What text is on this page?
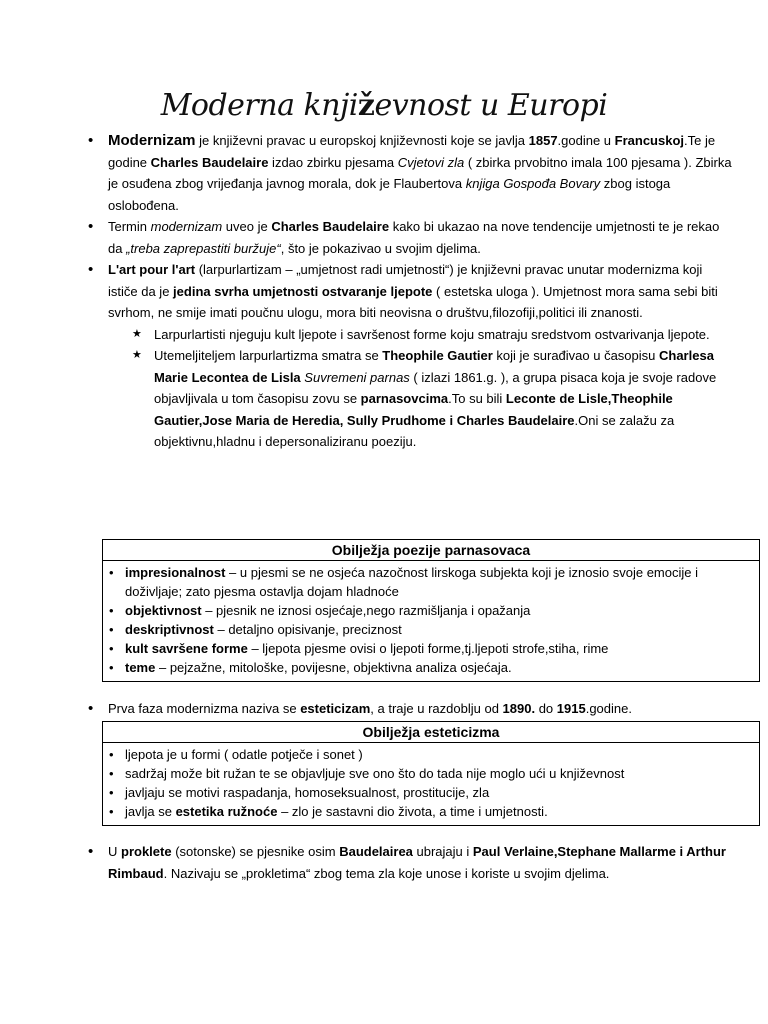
Moderna književnost u Europi
• Modernizam je književni pravac u europskoj književnosti koje se javlja 1857.godine u Francuskoj.Te je godine Charles Baudelaire izdao zbirku pjesama Cvjetovi zla ( zbirka prvobitno imala 100 pjesama ). Zbirka je osuđena zbog vrijeđanja javnog morala, dok je Flaubertova knjiga Gospođa Bovary zbog istoga oslobođena.
• Termin modernizam uveo je Charles Baudelaire kako bi ukazao na nove tendencije umjetnosti te je rekao da „treba zaprepastiti buržuje“, što je pokazivao u svojim djelima.
• L'art pour l'art (larpurlartizam – „umjetnost radi umjetnosti“) je književni pravac unutar modernizma koji ističe da je jedina svrha umjetnosti ostvaranje ljepote ( estetska uloga ). Umjetnost mora sama sebi biti svrhom, ne smije imati poučnu ulogu, mora biti neovisna o društvu,filozofiji,politici ili znanosti.
★ Larpurlartisti njeguju kult ljepote i savršenost forme koju smatraju sredstvom ostvarivanja ljepote.
★ Utemeljiteljem larpurlartizma smatra se Theophile Gautier koji je surađivao u časopisu Charlesa Marie Lecontea de Lisla Suvremeni parnas ( izlazi 1861.g. ), a grupa pisaca koja je svoje radove objavljivala u tom časopisu zovu se parnasovcima.To su bili Leconte de Lisle,Theophile Gautier,Jose Maria de Heredia, Sully Prudhome i Charles Baudelaire.Oni se zalažu za objektivnu,hladnu i depersonaliziranu poeziju.
Obilježja poezije parnasovaca
• impresionalnost – u pjesmi se ne osjeća nazočnost lirskoga subjekta koji je iznosio svoje emocije i doživljaje; zato pjesma ostavlja dojam hladnoće
• objektivnost – pjesnik ne iznosi osjećaje,nego razmišljanja i opažanja
• deskriptivnost – detaljno opisivanje, preciznost
• kult savršene forme – ljepota pjesme ovisi o ljepoti forme,tj.ljepoti strofe,stiha, rime
• teme – pejzažne, mitološke, povijesne, objektivna analiza osjećaja.
• Prva faza modernizma naziva se esteticizam, a traje u razdoblju od 1890. do 1915.godine.
Obilježja esteticizma
• ljepota je u formi ( odatle potječe i sonet )
• sadržaj može bit ružan te se objavljuje sve ono što do tada nije moglo ući u književnost
• javljaju se motivi raspadanja, homoseksualnost, prostitucije, zla
• javlja se estetika ružnoće – zlo je sastavni dio života, a time i umjetnosti.
• U proklete (sotonske) se pjesnike osim Baudelairea ubrajaju i Paul Verlaine,Stephane Mallarme i Arthur Rimbaud. Nazivaju se „prokletima“ zbog tema zla koje unose i koriste u svojim djelima.
